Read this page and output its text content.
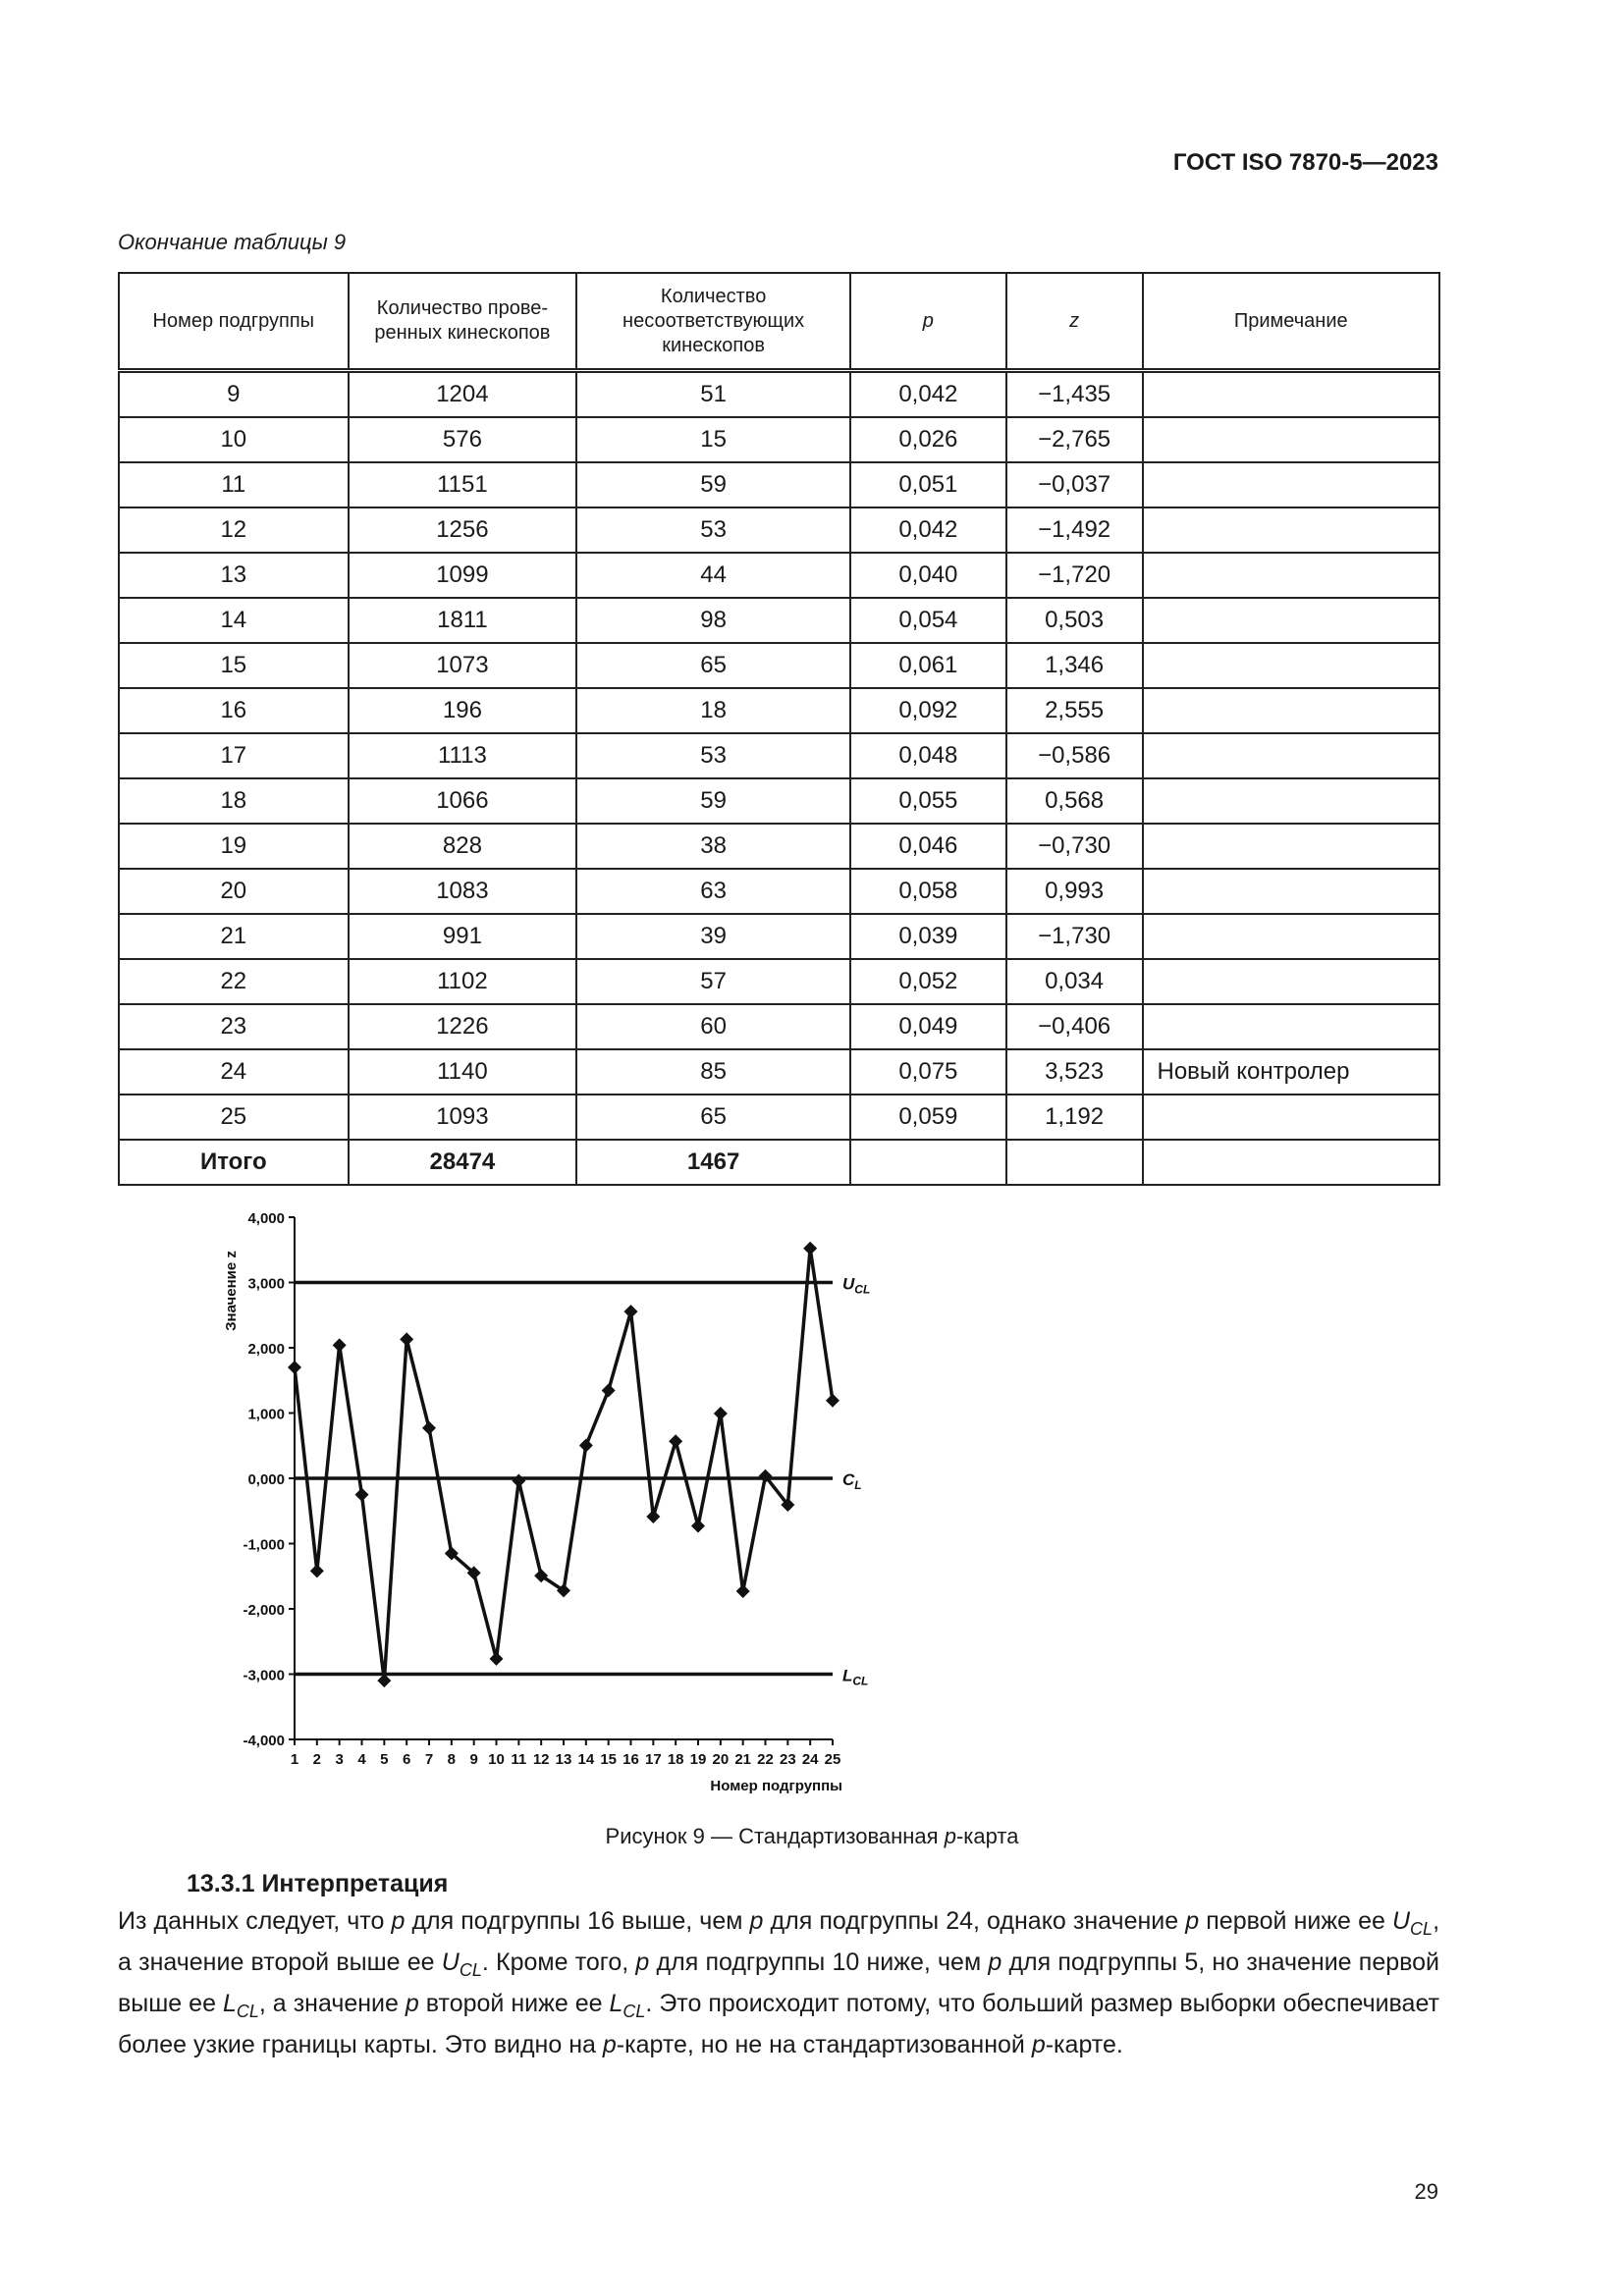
ГОСТ ISO 7870-5—2023
Окончание таблицы 9
Номер подгруппы	Количество прове-ренных кинескопов	Количество несоответствующих кинескопов	p	z	Примечание
9	1204	51	0,042	−1,435	
10	576	15	0,026	−2,765	
11	1151	59	0,051	−0,037	
12	1256	53	0,042	−1,492	
13	1099	44	0,040	−1,720	
14	1811	98	0,054	0,503	
15	1073	65	0,061	1,346	
16	196	18	0,092	2,555	
17	1113	53	0,048	−0,586	
18	1066	59	0,055	0,568	
19	828	38	0,046	−0,730	
20	1083	63	0,058	0,993	
21	991	39	0,039	−1,730	
22	1102	57	0,052	0,034	
23	1226	60	0,049	−0,406	
24	1140	85	0,075	3,523	Новый контролер
25	1093	65	0,059	1,192	
Итого	28474	1467			
-4,000
-3,000
-2,000
-1,000
0,000
1,000
2,000
3,000
4,000
1 2 3 4 5 6 7 8 9 10 11 12 13 14 15 16 17 18 19 20 21 22 23 24 25
$U_{CL}$
$C_L$
$L_{CL}$
Значение z
Номер подгруппы
Рисунок 9 — Стандартизованная p-карта
13.3.1 Интерпретация
Из данных следует, что p для подгруппы 16 выше, чем p для подгруппы 24, однако значение p первой ниже ее $U_{CL}$, а значение второй выше ее $U_{CL}$. Кроме того, p для подгруппы 10 ниже, чем p для подгруппы 5, но значение первой выше ее $L_{CL}$, а значение p второй ниже ее $L_{CL}$. Это происходит потому, что больший размер выборки обеспечивает более узкие границы карты. Это видно на p-карте, но не на стандартизованной p-карте.
29
